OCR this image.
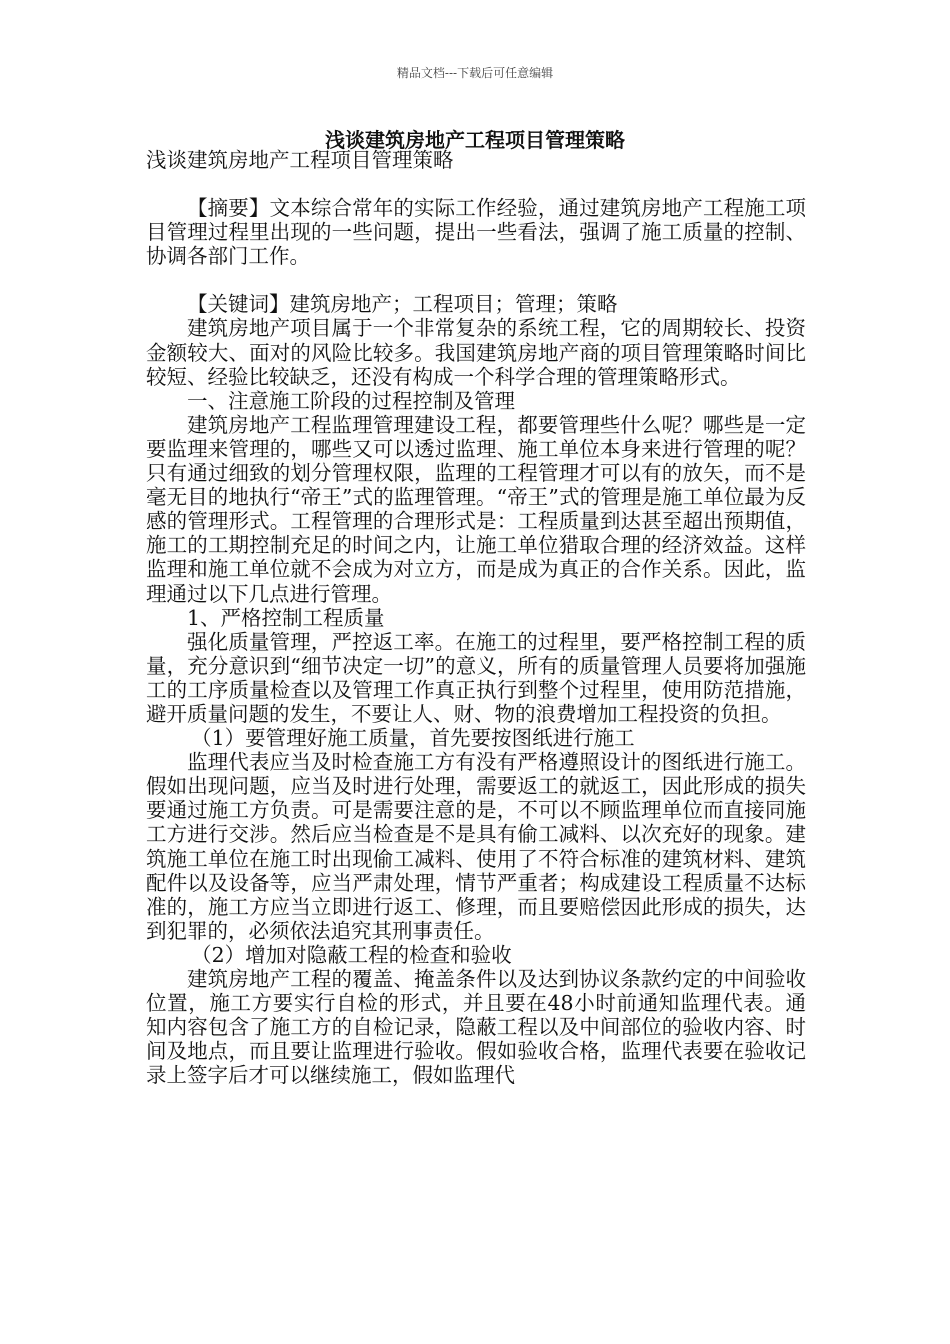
精品文档---下载后可任意编辑
浅谈建筑房地产工程项目管理策略

浅谈建筑房地产工程项目管理策略

【摘要】文本综合常年的实际工作经验，通过建筑房地产工程施工项目管理过程里出现的一些问题，提出一些看法，强调了施工质量的控制、协调各部门工作。

【关键词】建筑房地产；工程项目；管理；策略

建筑房地产项目属于一个非常复杂的系统工程，它的周期较长、投资金额较大、面对的风险比较多。我国建筑房地产商的项目管理策略时间比较短、经验比较缺乏，还没有构成一个科学合理的管理策略形式。

一、注意施工阶段的过程控制及管理

建筑房地产工程监理管理建设工程，都要管理些什么呢？哪些是一定要监理来管理的，哪些又可以透过监理、施工单位本身来进行管理的呢？只有通过细致的划分管理权限，监理的工程管理才可以有的放矢，而不是毫无目的地执行“帝王”式的监理管理。“帝王”式的管理是施工单位最为反感的管理形式。工程管理的合理形式是：工程质量到达甚至超出预期值，施工的工期控制充足的时间之内，让施工单位猎取合理的经济效益。这样监理和施工单位就不会成为对立方，而是成为真正的合作关系。因此，监理通过以下几点进行管理。

1、严格控制工程质量

强化质量管理，严控返工率。在施工的过程里，要严格控制工程的质量，充分意识到“细节决定一切”的意义，所有的质量管理人员要将加强施工的工序质量检查以及管理工作真正执行到整个过程里，使用防范措施，避开质量问题的发生，不要让人、财、物的浪费增加工程投资的负担。

（1）要管理好施工质量，首先要按图纸进行施工

监理代表应当及时检查施工方有没有严格遵照设计的图纸进行施工。假如出现问题，应当及时进行处理，需要返工的就返工，因此形成的损失要通过施工方负责。可是需要注意的是，不可以不顾监理单位而直接同施工方进行交涉。然后应当检查是不是具有偷工减料、以次充好的现象。建筑施工单位在施工时出现偷工减料、使用了不符合标准的建筑材料、建筑配件以及设备等，应当严肃处理，情节严重者；构成建设工程质量不达标准的，施工方应当立即进行返工、修理，而且要赔偿因此形成的损失，达到犯罪的，必须依法追究其刑事责任。

（2）增加对隐蔽工程的检查和验收

建筑房地产工程的覆盖、掩盖条件以及达到协议条款约定的中间验收位置，施工方要实行自检的形式，并且要在48小时前通知监理代表。通知内容包含了施工方的自检记录，隐蔽工程以及中间部位的验收内容、时间及地点，而且要让监理进行验收。假如验收合格，监理代表要在验收记录上签字后才可以继续施工，假如监理代
